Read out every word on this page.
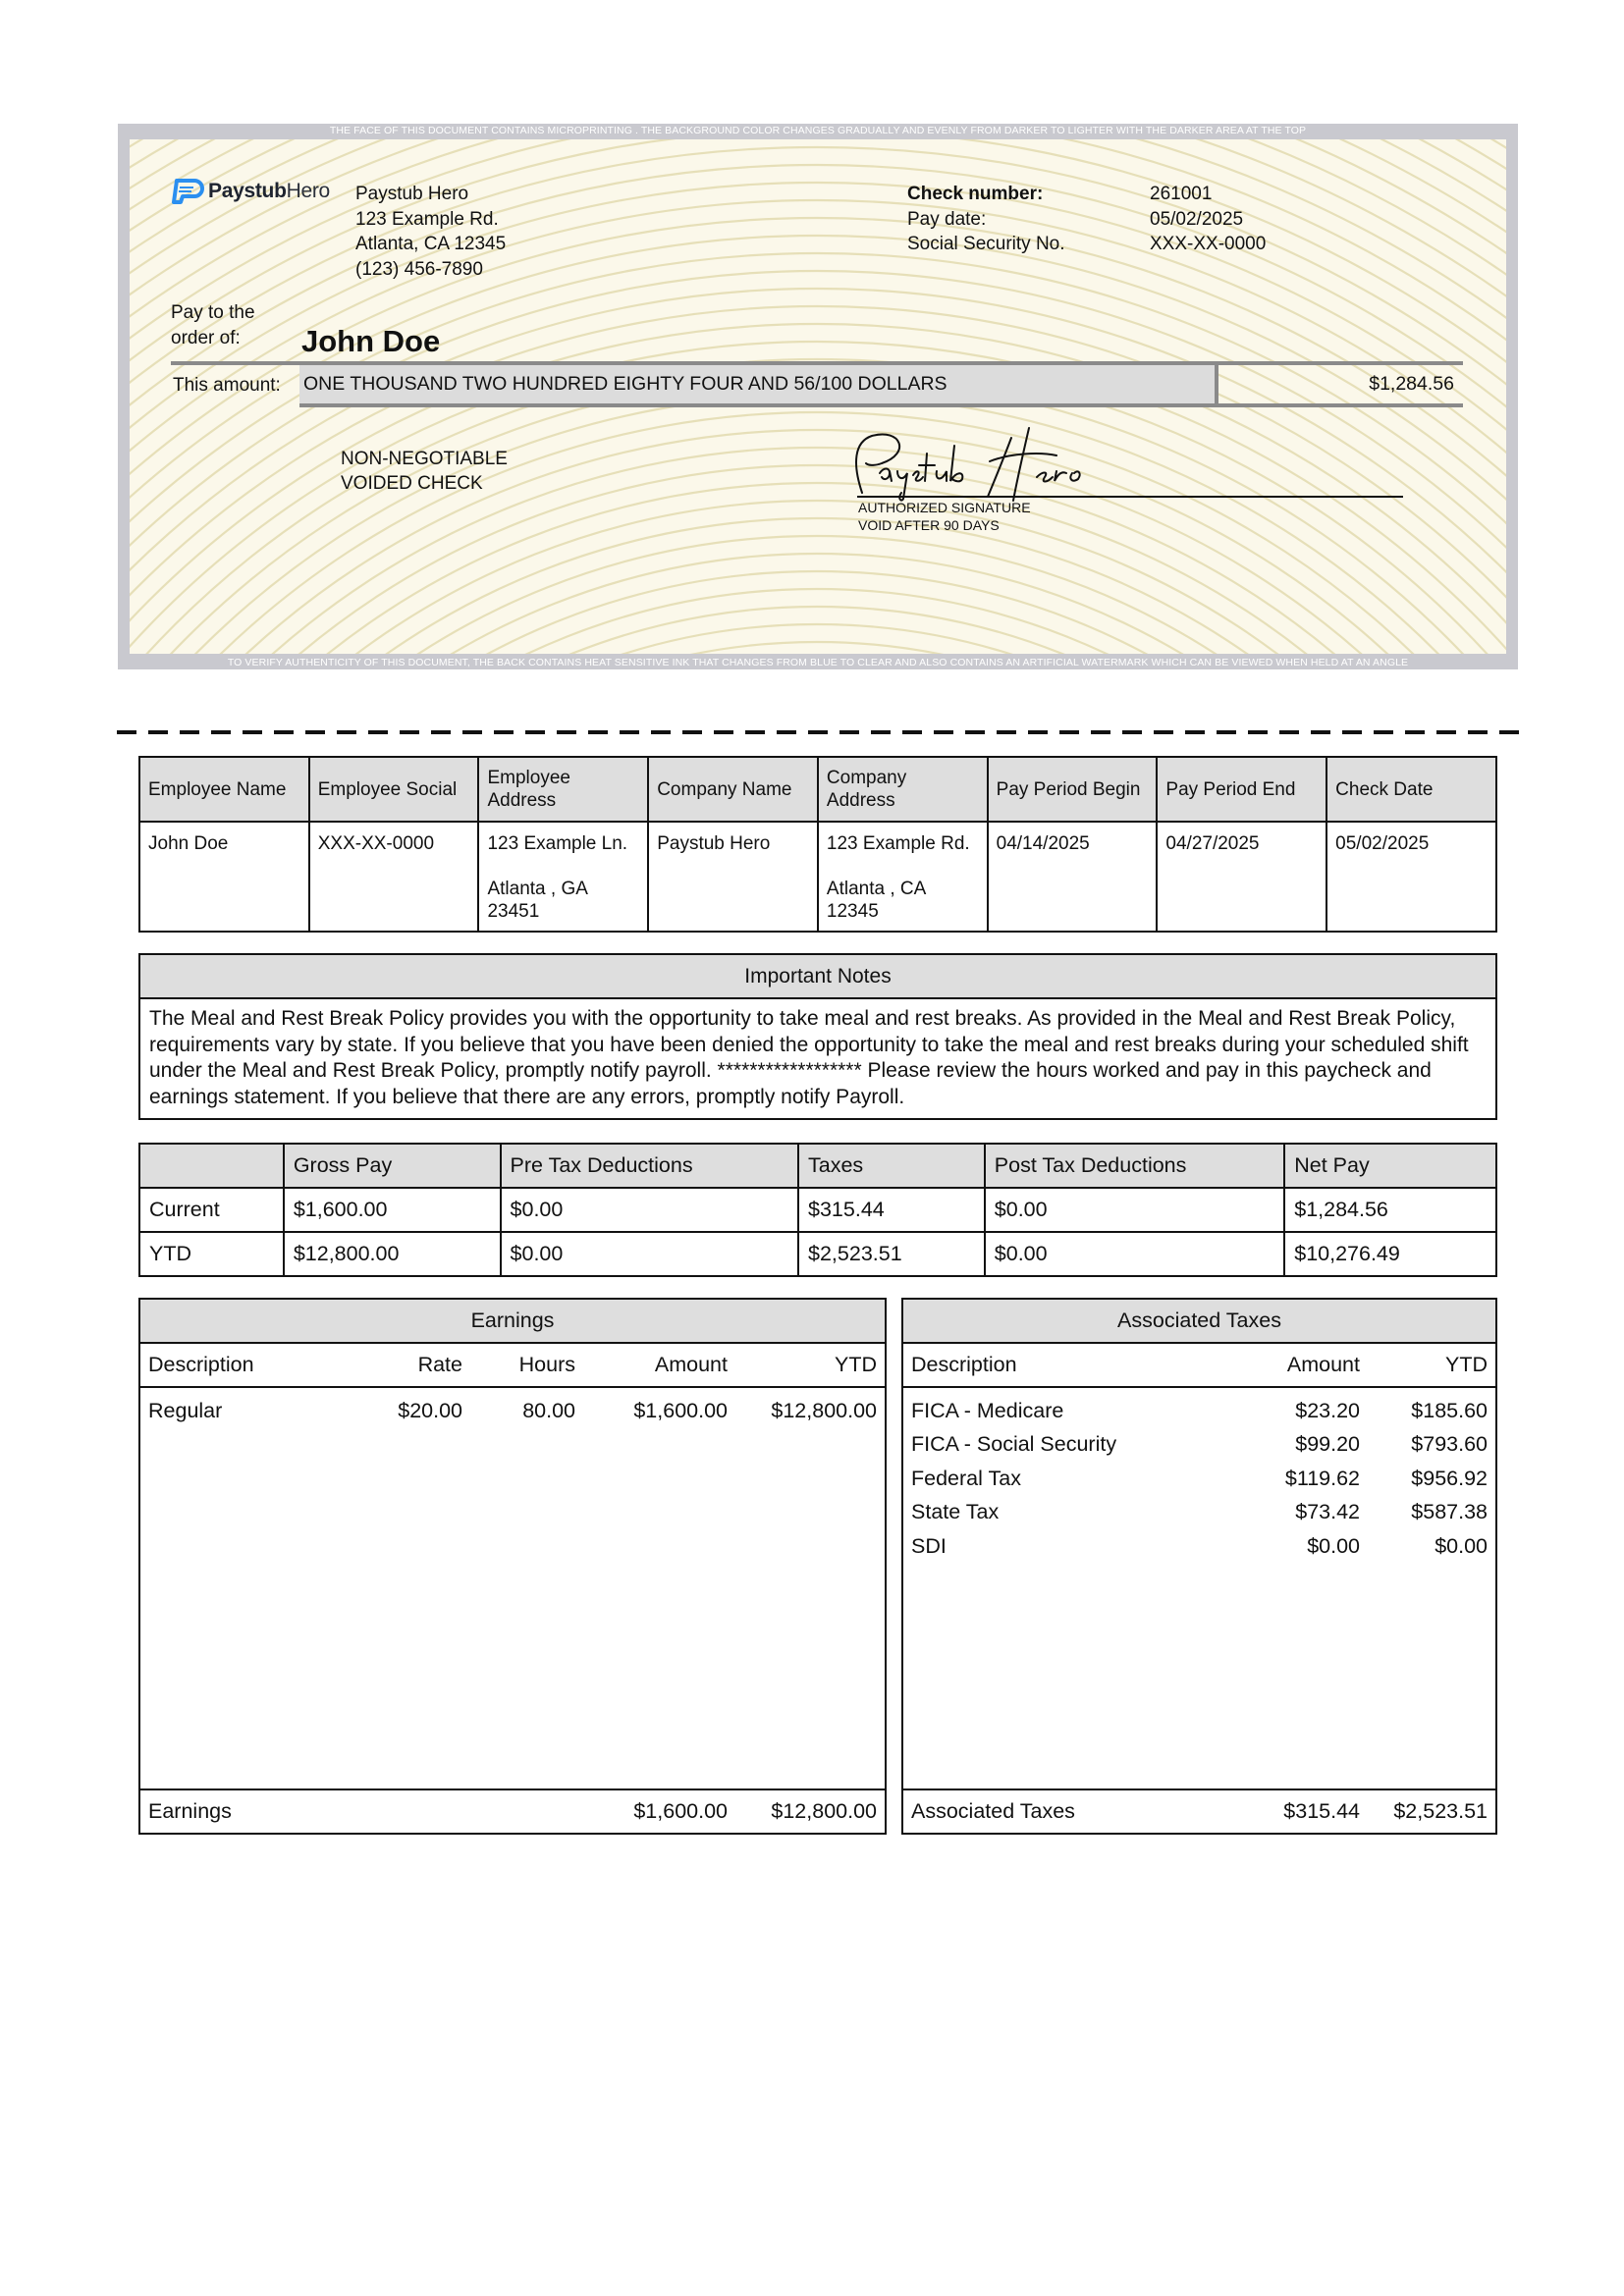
THE FACE OF THIS DOCUMENT CONTAINS MICROPRINTING . THE BACKGROUND COLOR CHANGES GRADUALLY AND EVENLY FROM DARKER TO LIGHTER WITH THE DARKER AREA AT THE TOP
TO VERIFY AUTHENTICITY OF THIS DOCUMENT, THE BACK CONTAINS HEAT SENSITIVE INK THAT CHANGES FROM BLUE TO CLEAR AND ALSO CONTAINS AN ARTIFICIAL WATERMARK WHICH CAN BE VIEWED WHEN HELD AT AN ANGLE
PaystubHero Paystub Hero
123 Example Rd.
Atlanta, CA 12345
(123) 456-7890
Check number:	261001
Pay date:	05/02/2025
Social Security No.	XXX-XX-0000
Pay to the
order of:	John Doe
This amount: ONE THOUSAND TWO HUNDRED EIGHTY FOUR AND 56/100 DOLLARS	$1,284.56
NON-NEGOTIABLE
VOIDED CHECK
AUTHORIZED SIGNATURE
VOID AFTER 90 DAYS
Employee Name	Employee Social	Employee Address	Company Name	Company Address	Pay Period Begin	Pay Period End	Check Date
John Doe	XXX-XX-0000	123 Example Ln.
Atlanta , GA
23451	Paystub Hero	123 Example Rd.
Atlanta , CA
12345	04/14/2025	04/27/2025	05/02/2025
Important Notes
The Meal and Rest Break Policy provides you with the opportunity to take meal and rest breaks. As provided in the Meal and Rest Break Policy, requirements vary by state. If you believe that you have been denied the opportunity to take the meal and rest breaks during your scheduled shift under the Meal and Rest Break Policy, promptly notify payroll. ****************** Please review the hours worked and pay in this paycheck and earnings statement. If you believe that there are any errors, promptly notify Payroll.
	Gross Pay	Pre Tax Deductions	Taxes	Post Tax Deductions	Net Pay
Current	$1,600.00	$0.00	$315.44	$0.00	$1,284.56
YTD	$12,800.00	$0.00	$2,523.51	$0.00	$10,276.49
Earnings
Description	Rate	Hours	Amount	YTD
Regular	$20.00	80.00	$1,600.00	$12,800.00
Earnings	$1,600.00	$12,800.00
Associated Taxes
Description	Amount	YTD
FICA - Medicare	$23.20	$185.60
FICA - Social Security	$99.20	$793.60
Federal Tax	$119.62	$956.92
State Tax	$73.42	$587.38
SDI	$0.00	$0.00
Associated Taxes	$315.44	$2,523.51
